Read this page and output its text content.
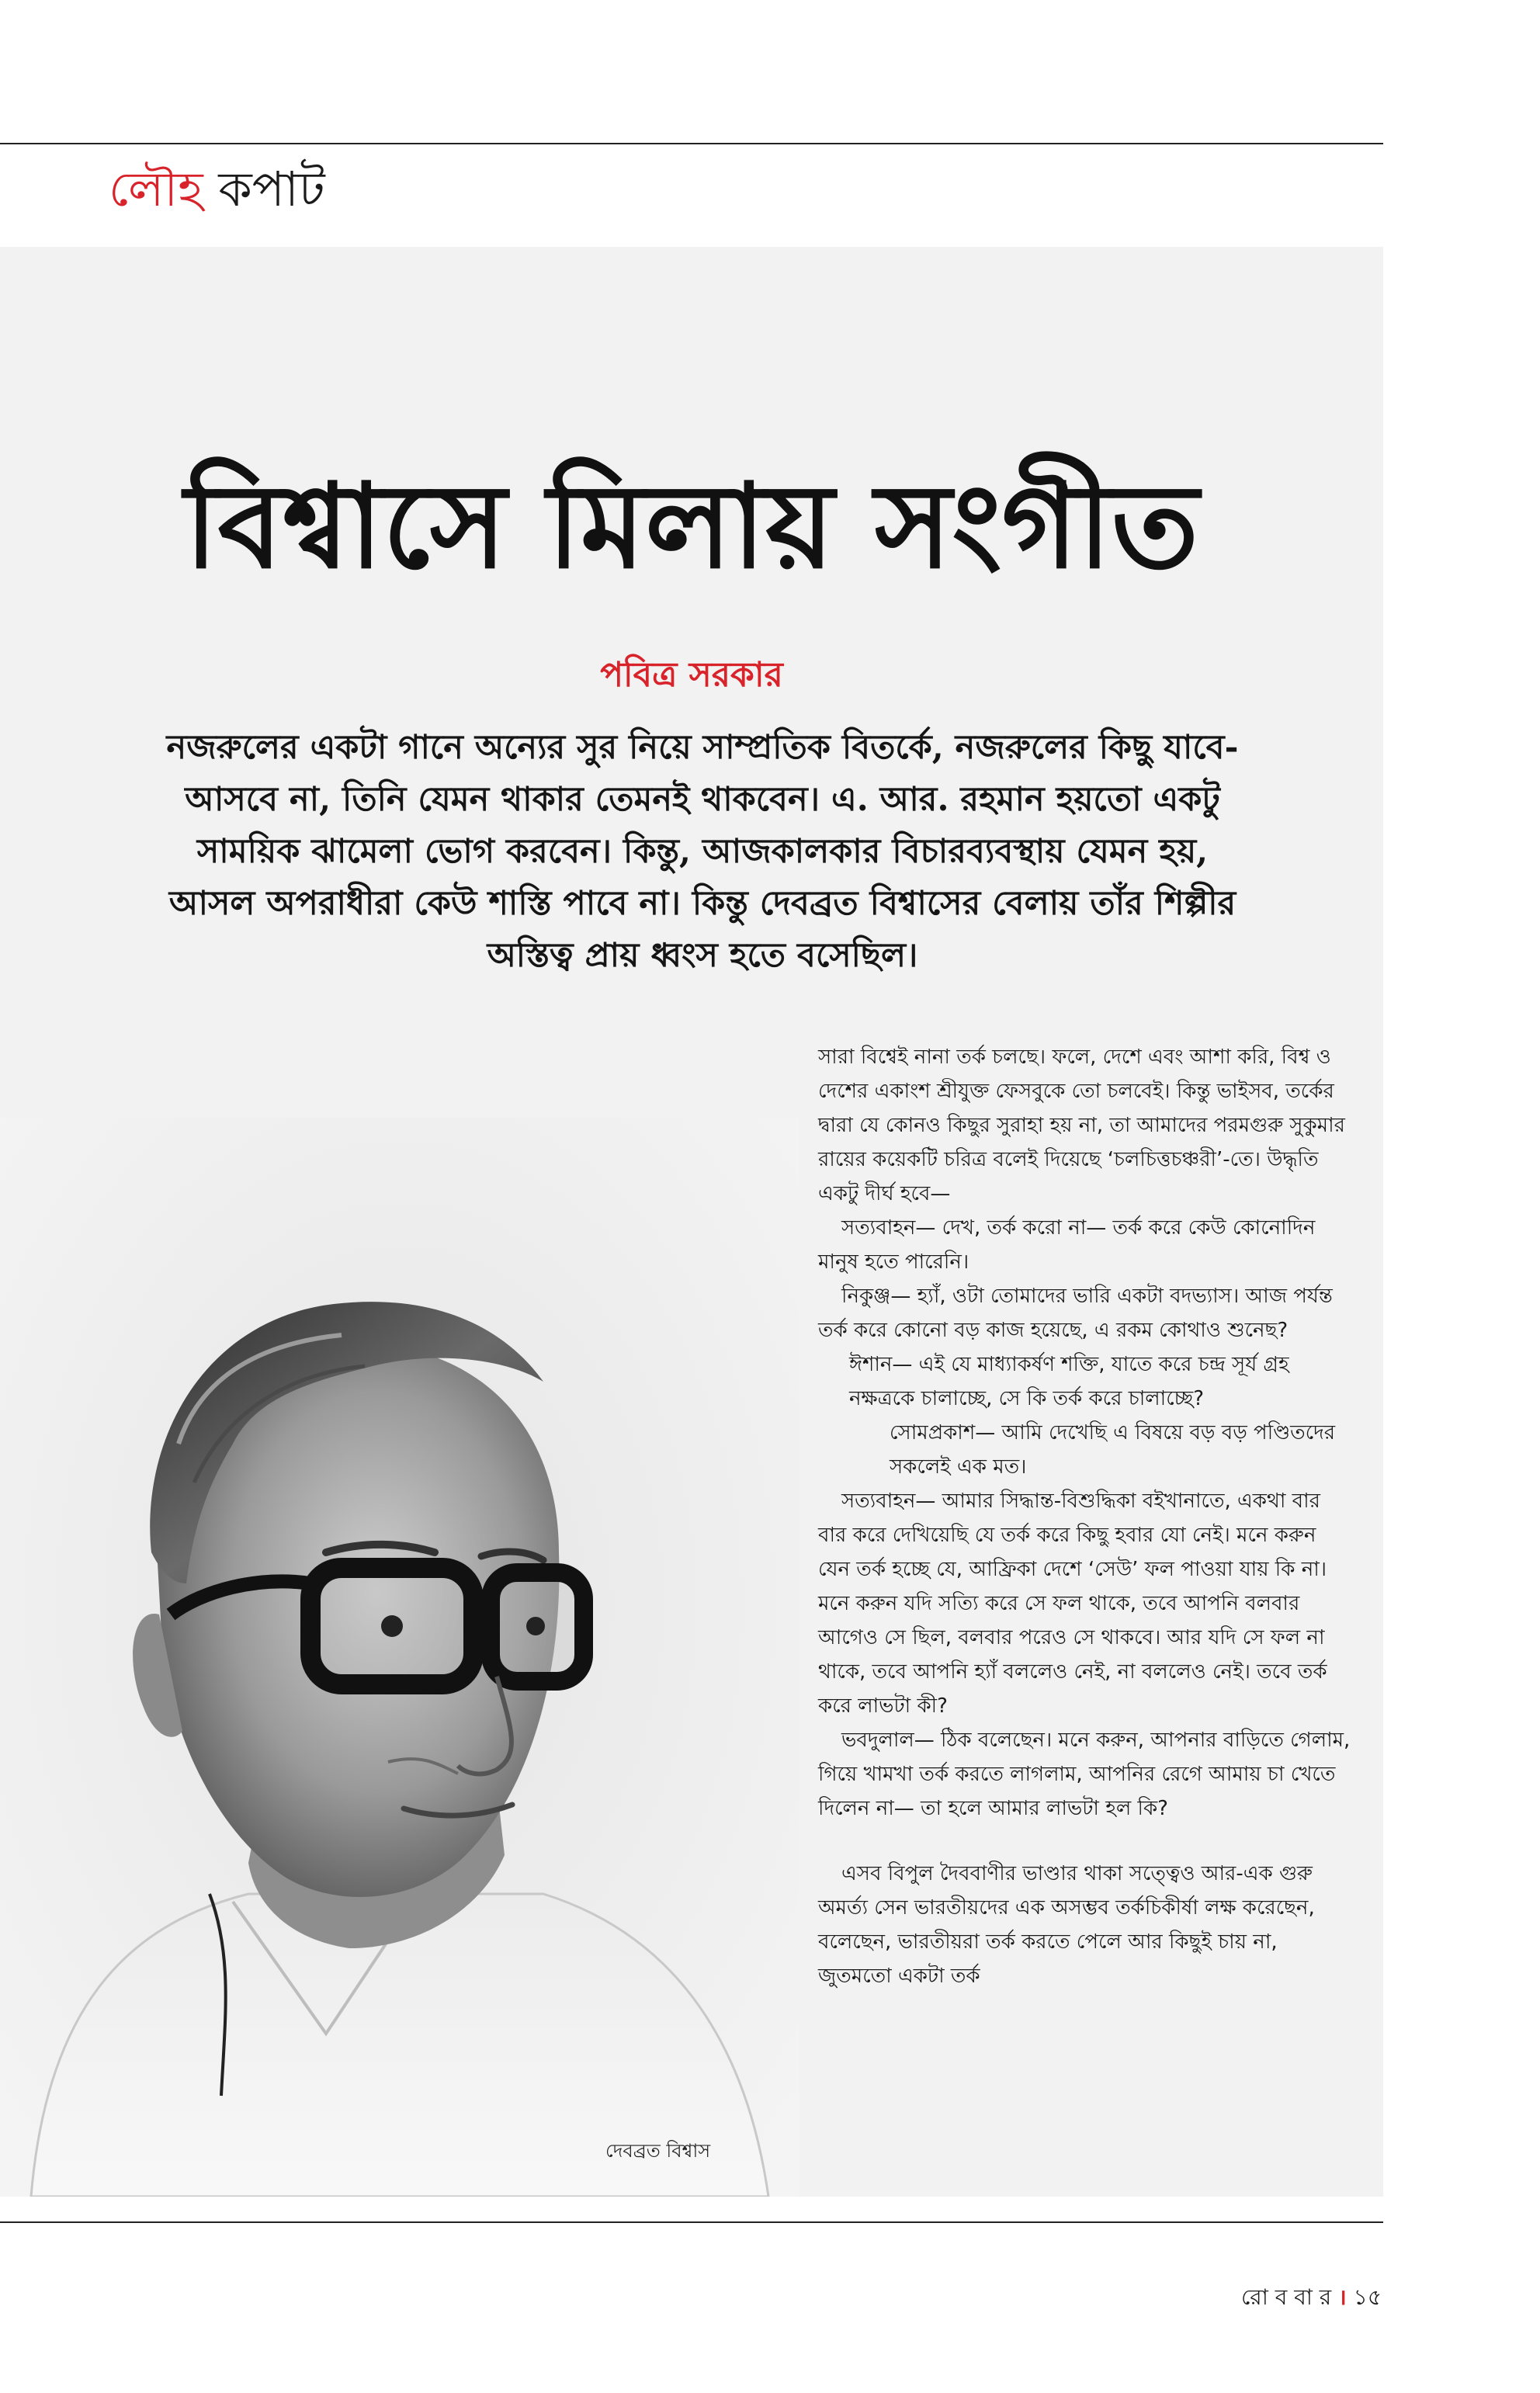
লৌহ কপাট
বিশ্বাসে মিলায় সংগীত
পবিত্র সরকার

নজরুলের একটা গানে অন্যের সুর নিয়ে সাম্প্রতিক বিতর্কে, নজরুলের কিছু যাবে-আসবে না, তিনি যেমন থাকার তেমনই থাকবেন। এ. আর. রহমান হয়তো একটু সাময়িক ঝামেলা ভোগ করবেন। কিন্তু, আজকালকার বিচারব্যবস্থায় যেমন হয়, আসল অপরাধীরা কেউ শাস্তি পাবে না। কিন্তু দেবব্রত বিশ্বাসের বেলায় তাঁর শিল্পীর অস্তিত্ব প্রায় ধ্বংস হতে বসেছিল।

দেবব্রত বিশ্বাস

সারা বিশ্বেই নানা তর্ক চলছে। ফলে, দেশে এবং আশা করি, বিশ্ব ও দেশের একাংশ শ্রীযুক্ত ফেসবুকে তো চলবেই। কিন্তু ভাইসব, তর্কের দ্বারা যে কোনও কিছুর সুরাহা হয় না, তা আমাদের পরমগুরু সুকুমার রায়ের কয়েকটি চরিত্র বলেই দিয়েছে ‘চলচিত্তচঞ্চরী’-তে। উদ্ধৃতি একটু দীর্ঘ হবে—

সত্যবাহন— দেখ, তর্ক করো না— তর্ক করে কেউ কোনোদিন মানুষ হতে পারেনি।

নিকুঞ্জ— হ্যাঁ, ওটা তোমাদের ভারি একটা বদভ্যাস। আজ পর্যন্ত তর্ক করে কোনো বড় কাজ হয়েছে, এ রকম কোথাও শুনেছ?

ঈশান— এই যে মাধ্যাকর্ষণ শক্তি, যাতে করে চন্দ্র সূর্য গ্রহ নক্ষত্রকে চালাচ্ছে, সে কি তর্ক করে চালাচ্ছে?

সোমপ্রকাশ— আমি দেখেছি এ বিষয়ে বড় বড় পণ্ডিতদের সকলেই এক মত।

সত্যবাহন— আমার সিদ্ধান্ত-বিশুদ্ধিকা বইখানাতে, একথা বার বার করে দেখিয়েছি যে তর্ক করে কিছু হবার যো নেই। মনে করুন যেন তর্ক হচ্ছে যে, আফ্রিকা দেশে ‘সেউ’ ফল পাওয়া যায় কি না। মনে করুন যদি সত্যি করে সে ফল থাকে, তবে আপনি বলবার আগেও সে ছিল, বলবার পরেও সে থাকবে। আর যদি সে ফল না থাকে, তবে আপনি হ্যাঁ বললেও নেই, না বললেও নেই। তবে তর্ক করে লাভটা কী?

ভবদুলাল— ঠিক বলেছেন। মনে করুন, আপনার বাড়িতে গেলাম, গিয়ে খামখা তর্ক করতে লাগলাম, আপনির রেগে আমায় চা খেতে দিলেন না— তা হলে আমার লাভটা হল কি?

এসব বিপুল দৈববাণীর ভাণ্ডার থাকা সত্ত্বেও আর-এক গুরু অমর্ত্য সেন ভারতীয়দের এক অসম্ভব তর্কচিকীর্ষা লক্ষ করেছেন, বলেছেন, ভারতীয়রা তর্ক করতে পেলে আর কিছুই চায় না, জুতমতো একটা তর্ক

রো ব বা র । ১৫
